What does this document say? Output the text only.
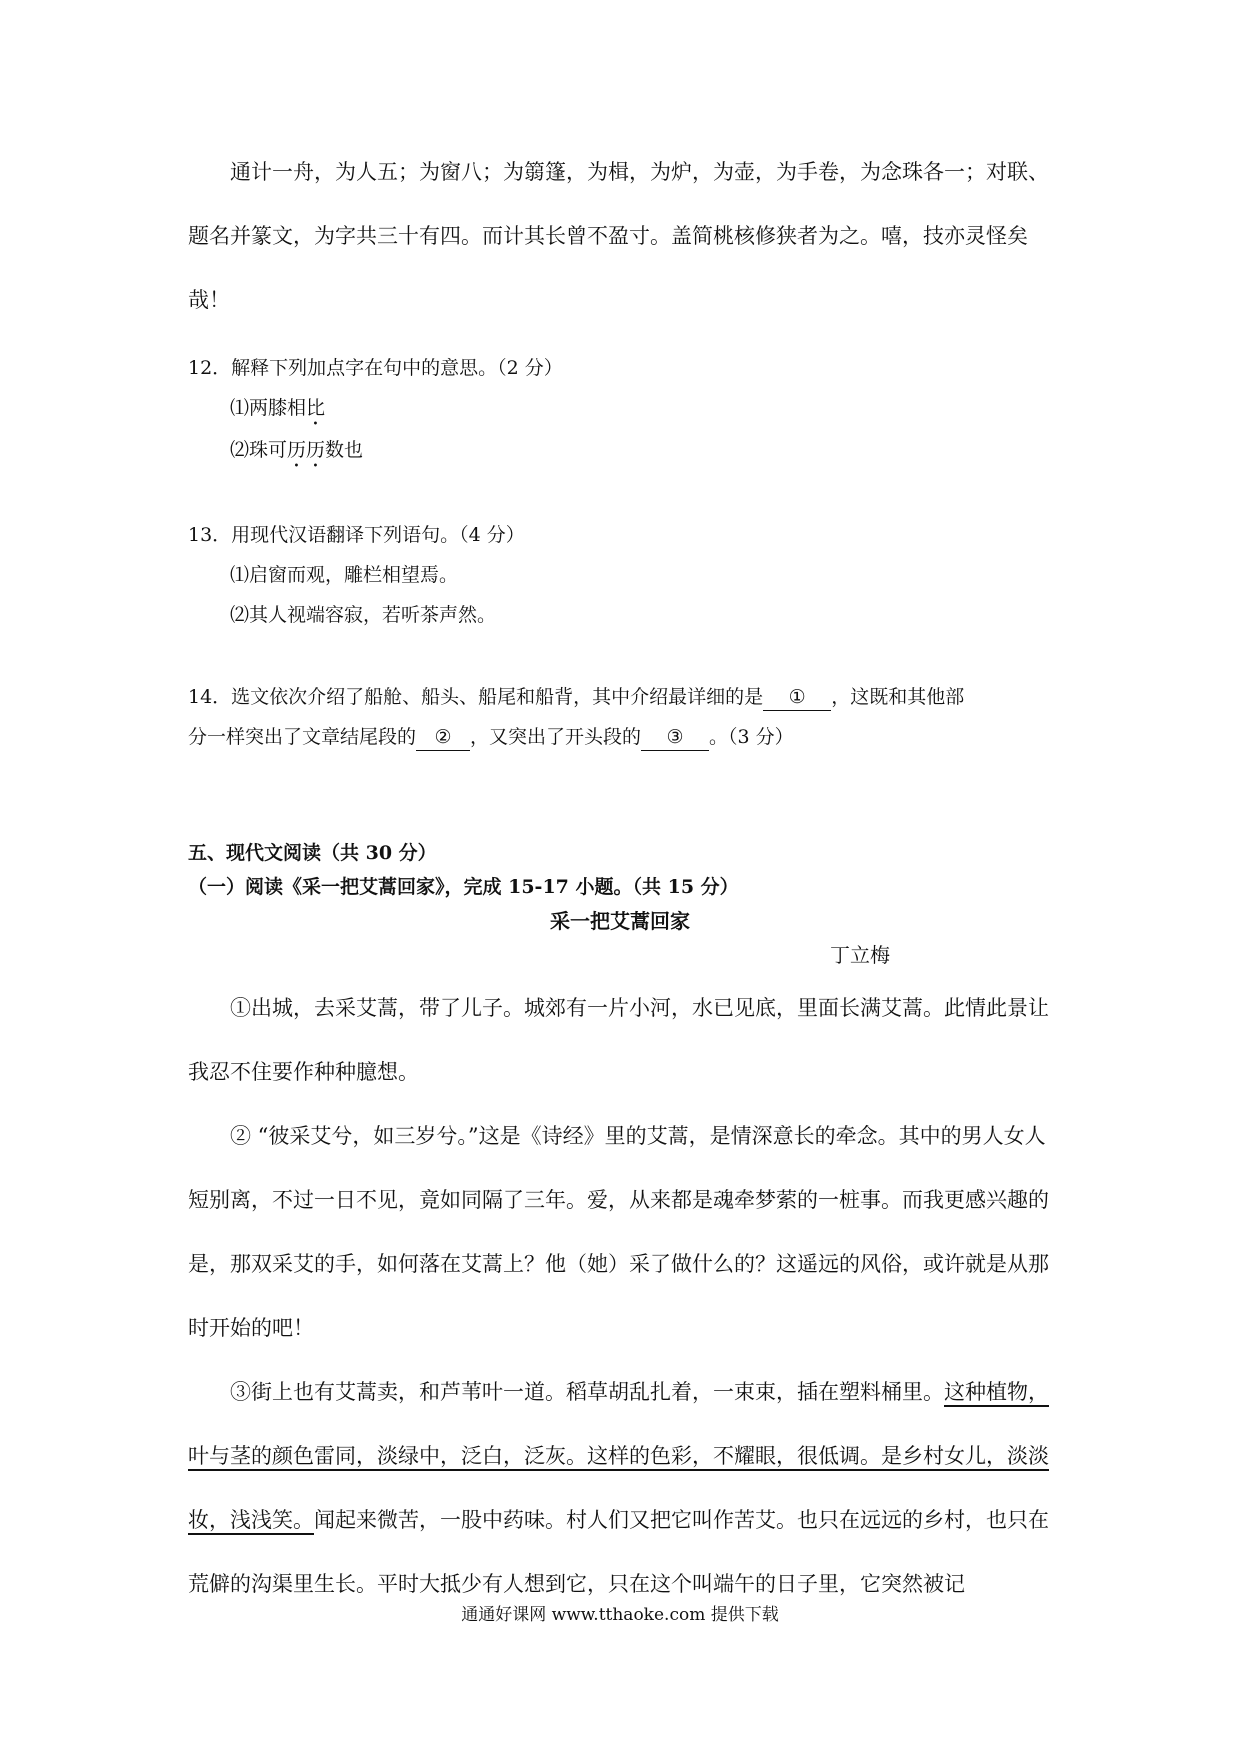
通计一舟，为人五；为窗八；为篛篷，为楫，为炉，为壶，为手卷，为念珠各一；对联、题名并篆文，为字共三十有四。而计其长曾不盈寸。盖简桃核修狭者为之。嘻，技亦灵怪矣哉！

12．解释下列加点字在句中的意思。（2 分）
⑴两膝相比
⑵珠可历历数也
13．用现代汉语翻译下列语句。（4 分）
⑴启窗而观，雕栏相望焉。
⑵其人视端容寂，若听茶声然。
14．选文依次介绍了船舱、船头、船尾和船背，其中介绍最详细的是 ① ，这既和其他部
分一样突出了文章结尾段的 ② ，又突出了开头段的 ③ 。（3 分）
五、现代文阅读（共 30 分）
（一）阅读《采一把艾蒿回家》，完成 15-17 小题。（共 15 分）
采一把艾蒿回家
丁立梅

①出城，去采艾蒿，带了儿子。城郊有一片小河，水已见底，里面长满艾蒿。此情此景让我忍不住要作种种臆想。

② “彼采艾兮，如三岁兮。”这是《诗经》里的艾蒿，是情深意长的牵念。其中的男人女人短别离，不过一日不见，竟如同隔了三年。爱，从来都是魂牵梦萦的一桩事。而我更感兴趣的是，那双采艾的手，如何落在艾蒿上？他（她）采了做什么的？这遥远的风俗，或许就是从那时开始的吧！

③街上也有艾蒿卖，和芦苇叶一道。稻草胡乱扎着，一束束，插在塑料桶里。这种植物，叶与茎的颜色雷同，淡绿中，泛白，泛灰。这样的色彩，不耀眼，很低调。是乡村女儿，淡淡妆，浅浅笑。闻起来微苦，一股中药味。村人们又把它叫作苦艾。也只在远远的乡村，也只在荒僻的沟渠里生长。平时大抵少有人想到它，只在这个叫端午的日子里，它突然被记

通通好课网 www.tthaoke.com 提供下载
